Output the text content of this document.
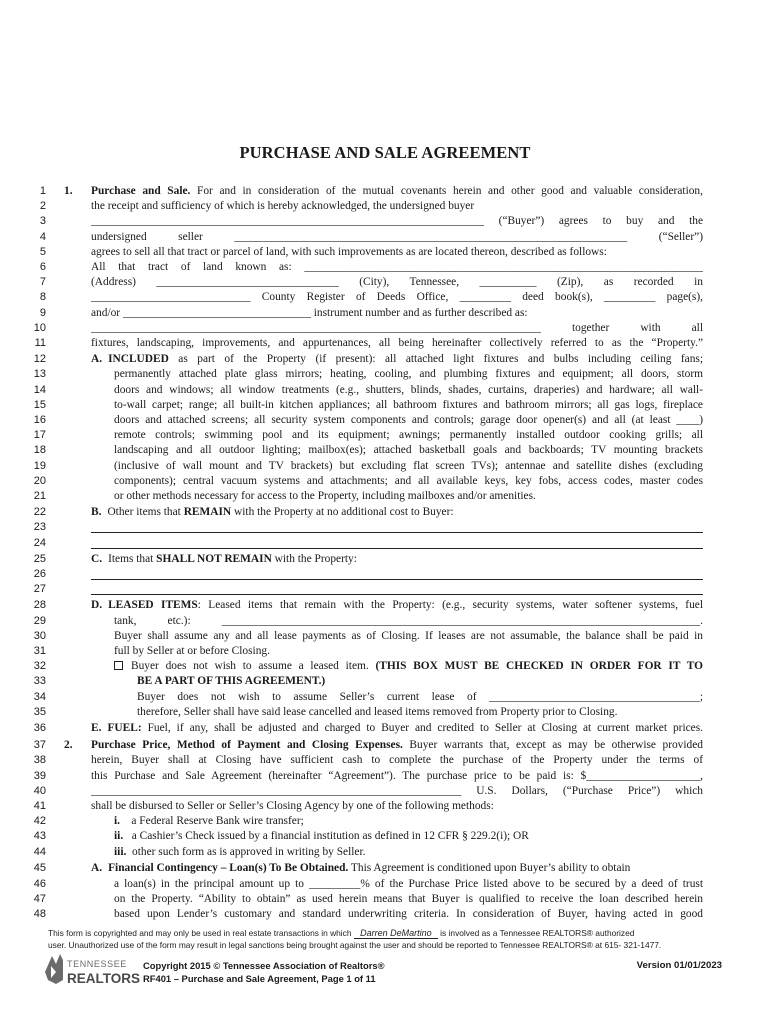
PURCHASE AND SALE AGREEMENT
1 1. Purchase and Sale. For and in consideration of the mutual covenants herein and other good and valuable consideration,
2	the receipt and sufficiency of which is hereby acknowledged, the undersigned buyer
3	_____________________________________________________________________ (“Buyer”) agrees to buy and the
4	undersigned seller _____________________________________________________________________ (“Seller”)
5	agrees to sell all that tract or parcel of land, with such improvements as are located thereon, described as follows:
6	All that tract of land known as: ______________________________________________________________________
7	(Address) ________________________________ (City), Tennessee, __________ (Zip), as recorded in
8	____________________________ County Register of Deeds Office, _________ deed book(s), _________ page(s),
9	and/or _________________________________ instrument number and as further described as:
10	_______________________________________________________________________________ together with all
11	fixtures, landscaping, improvements, and appurtenances, all being hereinafter collectively referred to as the “Property.”
12	A. INCLUDED as part of the Property (if present): all attached light fixtures and bulbs including ceiling fans;
13	permanently attached plate glass mirrors; heating, cooling, and plumbing fixtures and equipment; all doors, storm
14	doors and windows; all window treatments (e.g., shutters, blinds, shades, curtains, draperies) and hardware; all wall-
15	to-wall carpet; range; all built-in kitchen appliances; all bathroom fixtures and bathroom mirrors; all gas logs, fireplace
16	doors and attached screens; all security system components and controls; garage door opener(s) and all (at least ____)
17	remote controls; swimming pool and its equipment; awnings; permanently installed outdoor cooking grills; all
18	landscaping and all outdoor lighting; mailbox(es); attached basketball goals and backboards; TV mounting brackets
19	(inclusive of wall mount and TV brackets) but excluding flat screen TVs); antennae and satellite dishes (excluding
20	components); central vacuum systems and attachments; and all available keys, key fobs, access codes, master codes
21	or other methods necessary for access to the Property, including mailboxes and/or amenities.
22	B. Other items that REMAIN with the Property at no additional cost to Buyer:
23
24
25	C. Items that SHALL NOT REMAIN with the Property:
26
27
28	D. LEASED ITEMS: Leased items that remain with the Property: (e.g., security systems, water softener systems, fuel
29	tank, etc.): ____________________________________________________________________________________.
30	Buyer shall assume any and all lease payments as of Closing. If leases are not assumable, the balance shall be paid in
31	full by Seller at or before Closing.
32	Buyer does not wish to assume a leased item. (THIS BOX MUST BE CHECKED IN ORDER FOR IT TO
33	BE A PART OF THIS AGREEMENT.)
34	Buyer does not wish to assume Seller’s current lease of _____________________________________;
35	therefore, Seller shall have said lease cancelled and leased items removed from Property prior to Closing.
36	E. FUEL: Fuel, if any, shall be adjusted and charged to Buyer and credited to Seller at Closing at current market prices.
37 2. Purchase Price, Method of Payment and Closing Expenses. Buyer warrants that, except as may be otherwise provided
38	herein, Buyer shall at Closing have sufficient cash to complete the purchase of the Property under the terms of
39	this Purchase and Sale Agreement (hereinafter “Agreement”). The purchase price to be paid is: $____________________,
40	_________________________________________________________________ U.S. Dollars, (“Purchase Price”) which
41	shall be disbursed to Seller or Seller’s Closing Agency by one of the following methods:
42	i.    a Federal Reserve Bank wire transfer;
43	ii.   a Cashier’s Check issued by a financial institution as defined in 12 CFR § 229.2(i); OR
44	iii.  other such form as is approved in writing by Seller.
45	A. Financial Contingency – Loan(s) To Be Obtained. This Agreement is conditioned upon Buyer’s ability to obtain
46	a loan(s) in the principal amount up to _________% of the Purchase Price listed above to be secured by a deed of trust
47	on the Property. “Ability to obtain” as used herein means that Buyer is qualified to receive the loan described herein
48	based upon Lender’s customary and standard underwriting criteria. In consideration of Buyer, having acted in good
This form is copyrighted and may only be used in real estate transactions in which Darren DeMartino is involved as a Tennessee REALTORS® authorized
user. Unauthorized use of the form may result in legal sanctions being brought against the user and should be reported to Tennessee REALTORS® at 615- 321-1477.
TENNESSEE
REALTORS
Copyright 2015 © Tennessee Association of Realtors®
RF401 – Purchase and Sale Agreement, Page 1 of 11
Version 01/01/2023
